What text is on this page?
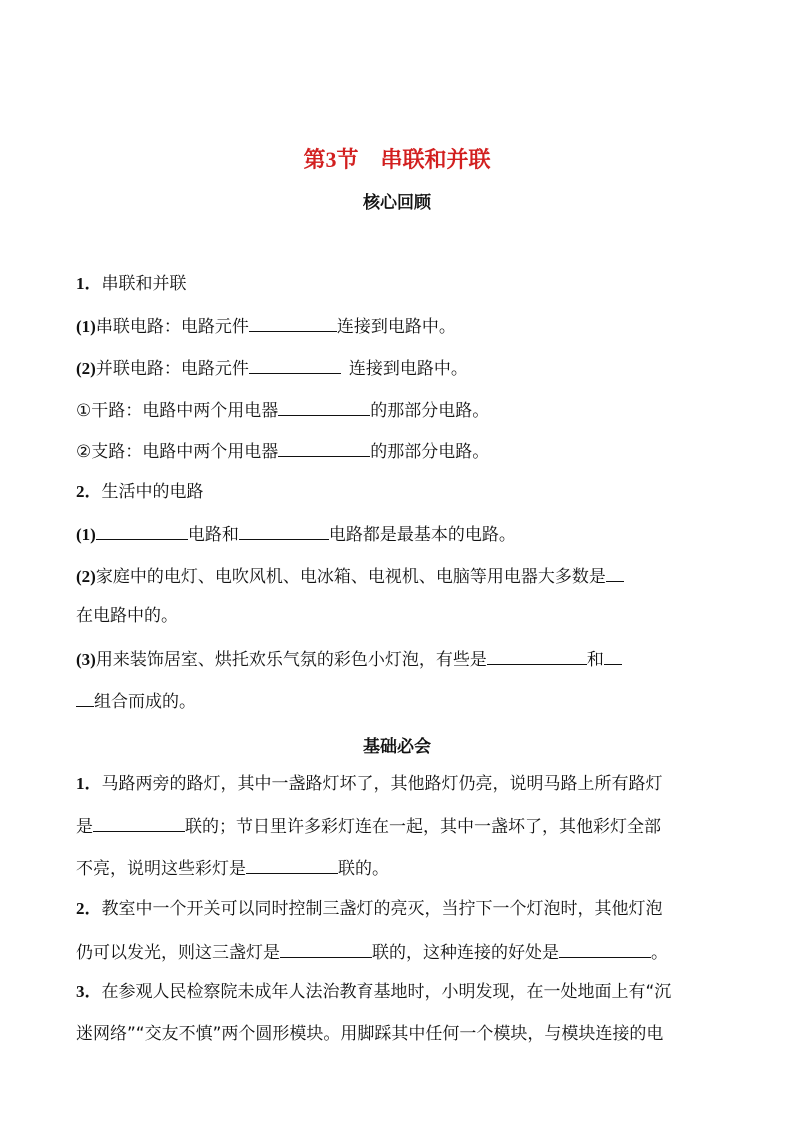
第3节 串联和并联
核心回顾
1．串联和并联
(1)串联电路：电路元件	连接到电路中。
(2)并联电路：电路元件	连接到电路中。
①干路：电路中两个用电器	的那部分电路。
②支路：电路中两个用电器	的那部分电路。
2．生活中的电路
(1)	电路和	电路都是最基本的电路。
(2)家庭中的电灯、电吹风机、电冰箱、电视机、电脑等用电器大多数是
在电路中的。
(3)用来装饰居室、烘托欢乐气氛的彩色小灯泡，有些是	和
组合而成的。
基础必会
1．马路两旁的路灯，其中一盏路灯坏了，其他路灯仍亮，说明马路上所有路灯
是	联的；节日里许多彩灯连在一起，其中一盏坏了，其他彩灯全部
不亮，说明这些彩灯是	联的。
2．教室中一个开关可以同时控制三盏灯的亮灭，当拧下一个灯泡时，其他灯泡
仍可以发光，则这三盏灯是	联的，这种连接的好处是	。
3．在参观人民检察院未成年人法治教育基地时，小明发现，在一处地面上有“沉
迷网络”“交友不慎”两个圆形模块。用脚踩其中任何一个模块，与模块连接的电
